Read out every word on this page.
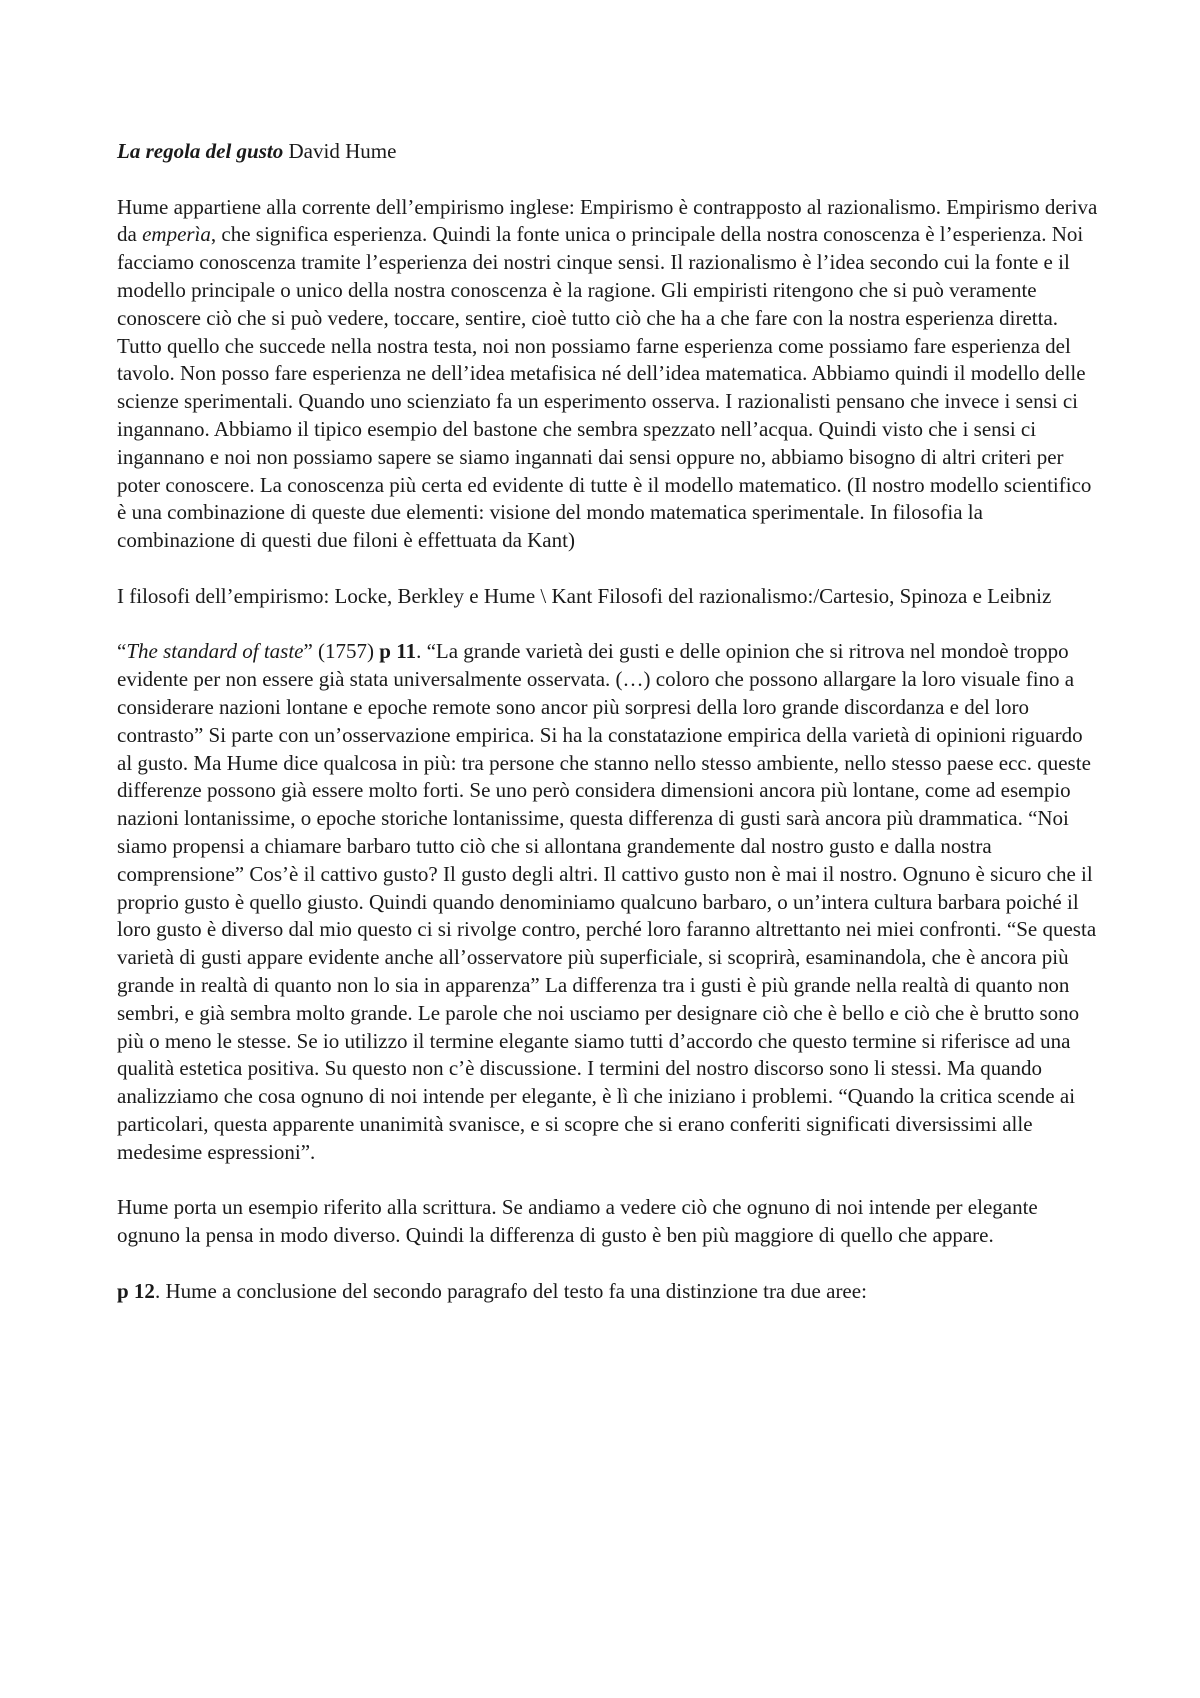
La regola del gusto David Hume

Hume appartiene alla corrente dell’empirismo inglese: Empirismo è contrapposto al razionalismo. Empirismo deriva da emperìa, che significa esperienza. Quindi la fonte unica o principale della nostra conoscenza è l’esperienza. Noi facciamo conoscenza tramite l’esperienza dei nostri cinque sensi. Il razionalismo è l’idea secondo cui la fonte e il modello principale o unico della nostra conoscenza è la ragione. Gli empiristi ritengono che si può veramente conoscere ciò che si può vedere, toccare, sentire, cioè tutto ciò che ha a che fare con la nostra esperienza diretta. Tutto quello che succede nella nostra testa, noi non possiamo farne esperienza come possiamo fare esperienza del tavolo. Non posso fare esperienza ne dell’idea metafisica né dell’idea matematica. Abbiamo quindi il modello delle scienze sperimentali. Quando uno scienziato fa un esperimento osserva. I razionalisti pensano che invece i sensi ci ingannano. Abbiamo il tipico esempio del bastone che sembra spezzato nell’acqua. Quindi visto che i sensi ci ingannano e noi non possiamo sapere se siamo ingannati dai sensi oppure no, abbiamo bisogno di altri criteri per poter conoscere. La conoscenza più certa ed evidente di tutte è il modello matematico. (Il nostro modello scientifico è una combinazione di queste due elementi: visione del mondo matematica sperimentale. In filosofia la combinazione di questi due filoni è effettuata da Kant)

I filosofi dell’empirismo: Locke, Berkley e Hume \ Kant Filosofi del razionalismo:/Cartesio, Spinoza e Leibniz

“The standard of taste” (1757) p 11. “La grande varietà dei gusti e delle opinion che si ritrova nel mondoè troppo evidente per non essere già stata universalmente osservata. (…) coloro che possono allargare la loro visuale fino a considerare nazioni lontane e epoche remote sono ancor più sorpresi della loro grande discordanza e del loro contrasto” Si parte con un’osservazione empirica. Si ha la constatazione empirica della varietà di opinioni riguardo al gusto. Ma Hume dice qualcosa in più: tra persone che stanno nello stesso ambiente, nello stesso paese ecc. queste differenze possono già essere molto forti. Se uno però considera dimensioni ancora più lontane, come ad esempio nazioni lontanissime, o epoche storiche lontanissime, questa differenza di gusti sarà ancora più drammatica. “Noi siamo propensi a chiamare barbaro tutto ciò che si allontana grandemente dal nostro gusto e dalla nostra comprensione” Cos’è il cattivo gusto? Il gusto degli altri. Il cattivo gusto non è mai il nostro. Ognuno è sicuro che il proprio gusto è quello giusto. Quindi quando denominiamo qualcuno barbaro, o un’intera cultura barbara poiché il loro gusto è diverso dal mio questo ci si rivolge contro, perché loro faranno altrettanto nei miei confronti. “Se questa varietà di gusti appare evidente anche all’osservatore più superficiale, si scoprirà, esaminandola, che è ancora più grande in realtà di quanto non lo sia in apparenza” La differenza tra i gusti è più grande nella realtà di quanto non sembri, e già sembra molto grande. Le parole che noi usciamo per designare ciò che è bello e ciò che è brutto sono più o meno le stesse. Se io utilizzo il termine elegante siamo tutti d’accordo che questo termine si riferisce ad una qualità estetica positiva. Su questo non c’è discussione. I termini del nostro discorso sono li stessi. Ma quando analizziamo che cosa ognuno di noi intende per elegante, è lì che iniziano i problemi. “Quando la critica scende ai particolari, questa apparente unanimità svanisce, e si scopre che si erano conferiti significati diversissimi alle medesime espressioni”.

Hume porta un esempio riferito alla scrittura. Se andiamo a vedere ciò che ognuno di noi intende per elegante ognuno la pensa in modo diverso. Quindi la differenza di gusto è ben più maggiore di quello che appare.

p 12. Hume a conclusione del secondo paragrafo del testo fa una distinzione tra due aree:
